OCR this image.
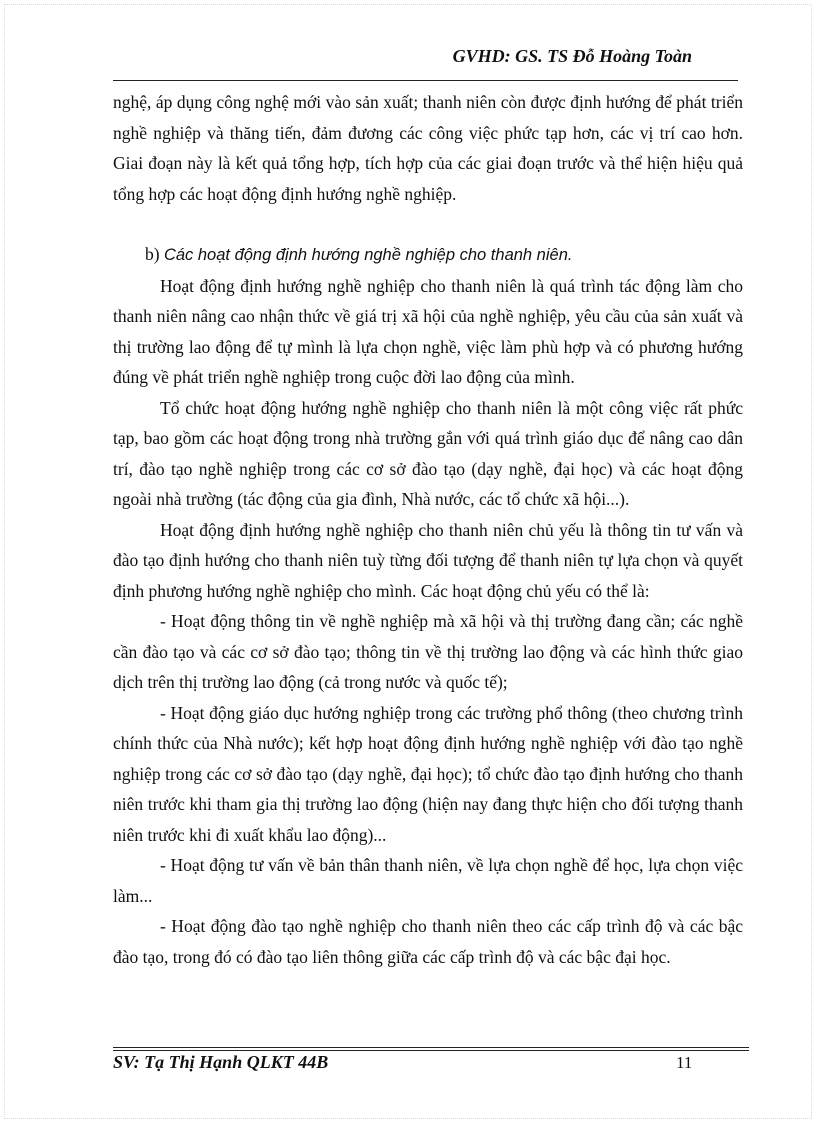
GVHD: GS. TS Đỗ Hoàng Toàn

nghệ, áp dụng công nghệ mới vào sản xuất; thanh niên còn được định hướng để phát triển nghề nghiệp và thăng tiến, đảm đương các công việc phức tạp hơn, các vị trí cao hơn. Giai đoạn này là kết quả tổng hợp, tích hợp của các giai đoạn trước và thể hiện hiệu quả tổng hợp các hoạt động định hướng nghề nghiệp.

b) Các hoạt động định hướng nghề nghiệp cho thanh niên.

Hoạt động định hướng nghề nghiệp cho thanh niên là quá trình tác động làm cho thanh niên nâng cao nhận thức về giá trị xã hội của nghề nghiệp, yêu cầu của sản xuất và thị trường lao động để tự mình là lựa chọn nghề, việc làm phù hợp và có phương hướng đúng về phát triển nghề nghiệp trong cuộc đời lao động của mình.

Tổ chức hoạt động hướng nghề nghiệp cho thanh niên là một công việc rất phức tạp, bao gồm các hoạt động trong nhà trường gắn với quá trình giáo dục để nâng cao dân trí, đào tạo nghề nghiệp trong các cơ sở đào tạo (dạy nghề, đại học) và các hoạt động ngoài nhà trường (tác động của gia đình, Nhà nước, các tổ chức xã hội...).

Hoạt động định hướng nghề nghiệp cho thanh niên chủ yếu là thông tin tư vấn và đào tạo định hướng cho thanh niên tuỳ từng đối tượng để thanh niên tự lựa chọn và quyết định phương hướng nghề nghiệp cho mình. Các hoạt động chủ yếu có thể là:

- Hoạt động thông tin về nghề nghiệp mà xã hội và thị trường đang cần; các nghề cần đào tạo và các cơ sở đào tạo; thông tin về thị trường lao động và các hình thức giao dịch trên thị trường lao động (cả trong nước và quốc tế);

- Hoạt động giáo dục hướng nghiệp trong các trường phổ thông (theo chương trình chính thức của Nhà nước); kết hợp hoạt động định hướng nghề nghiệp với đào tạo nghề nghiệp trong các cơ sở đào tạo (dạy nghề, đại học); tổ chức đào tạo định hướng cho thanh niên trước khi tham gia thị trường lao động (hiện nay đang thực hiện cho đối tượng thanh niên trước khi đi xuất khẩu lao động)...

- Hoạt động tư vấn về bản thân thanh niên, về lựa chọn nghề để học, lựa chọn việc làm...

- Hoạt động đào tạo nghề nghiệp cho thanh niên theo các cấp trình độ và các bậc đào tạo, trong đó có đào tạo liên thông giữa các cấp trình độ và các bậc đại học.

SV: Tạ Thị Hạnh QLKT 44B	11
